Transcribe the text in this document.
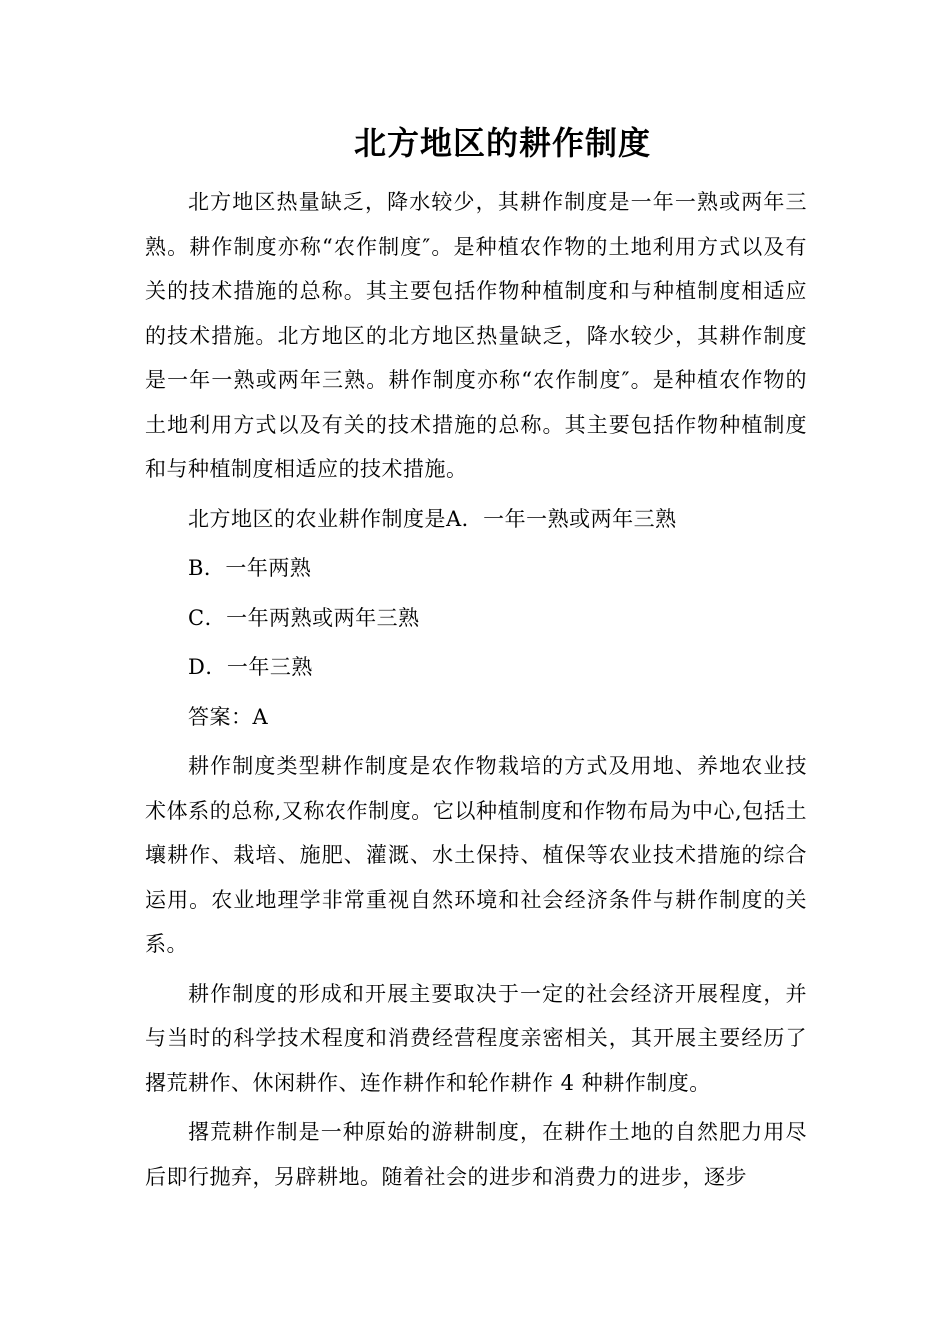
北方地区的耕作制度

北方地区热量缺乏，降水较少，其耕作制度是一年一熟或两年三熟。耕作制度亦称“农作制度″。是种植农作物的土地利用方式以及有关的技术措施的总称。其主要包括作物种植制度和与种植制度相适应的技术措施。北方地区的北方地区热量缺乏，降水较少，其耕作制度是一年一熟或两年三熟。耕作制度亦称“农作制度″。是种植农作物的土地利用方式以及有关的技术措施的总称。其主要包括作物种植制度和与种植制度相适应的技术措施。

北方地区的农业耕作制度是A．一年一熟或两年三熟

B．一年两熟

C．一年两熟或两年三熟

D．一年三熟

答案：A

耕作制度类型耕作制度是农作物栽培的方式及用地、养地农业技术体系的总称,又称农作制度。它以种植制度和作物布局为中心,包括土壤耕作、栽培、施肥、灌溉、水土保持、植保等农业技术措施的综合运用。农业地理学非常重视自然环境和社会经济条件与耕作制度的关系。

耕作制度的形成和开展主要取决于一定的社会经济开展程度，并与当时的科学技术程度和消费经营程度亲密相关，其开展主要经历了撂荒耕作、休闲耕作、连作耕作和轮作耕作 4 种耕作制度。

撂荒耕作制是一种原始的游耕制度，在耕作土地的自然肥力用尽后即行抛弃，另辟耕地。随着社会的进步和消费力的进步，逐步
